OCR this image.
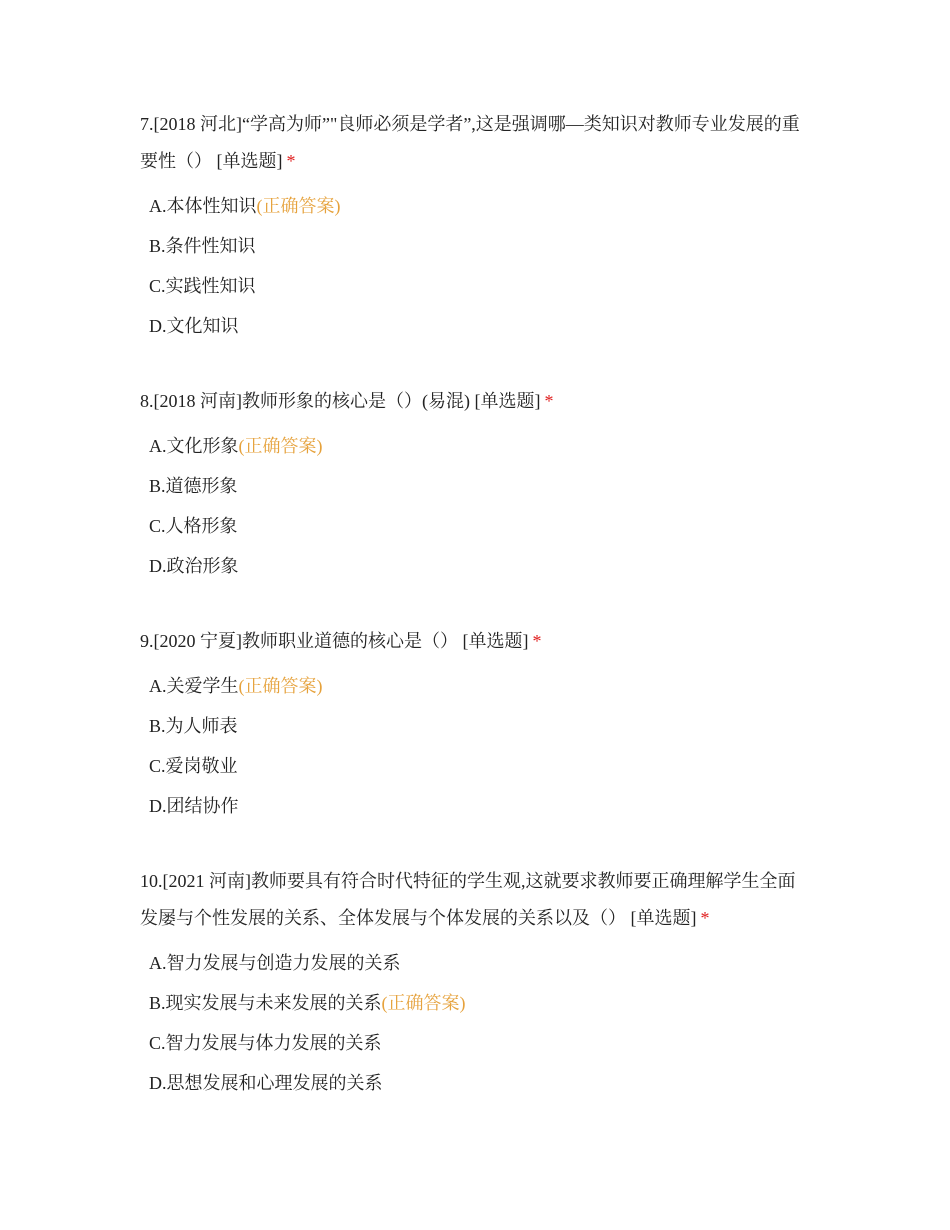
7.[2018 河北]“学高为师”"良师必须是学者”,这是强调哪—类知识对教师专业发展的重要性（） [单选题] *

A.本体性知识(正确答案)
B.条件性知识
C.实践性知识
D.文化知识

8.[2018 河南]教师形象的核心是（）(易混) [单选题] *

A.文化形象(正确答案)
B.道德形象
C.人格形象
D.政治形象

9.[2020 宁夏]教师职业道德的核心是（） [单选题] *

A.关爱学生(正确答案)
B.为人师表
C.爱岗敬业
D.团结协作

10.[2021 河南]教师要具有符合时代特征的学生观,这就要求教师要正确理解学生全面发屡与个性发展的关系、全体发展与个体发展的关系以及（） [单选题] *

A.智力发展与创造力发展的关系
B.现实发展与未来发展的关系(正确答案)
C.智力发展与体力发展的关系
D.思想发展和心理发展的关系
